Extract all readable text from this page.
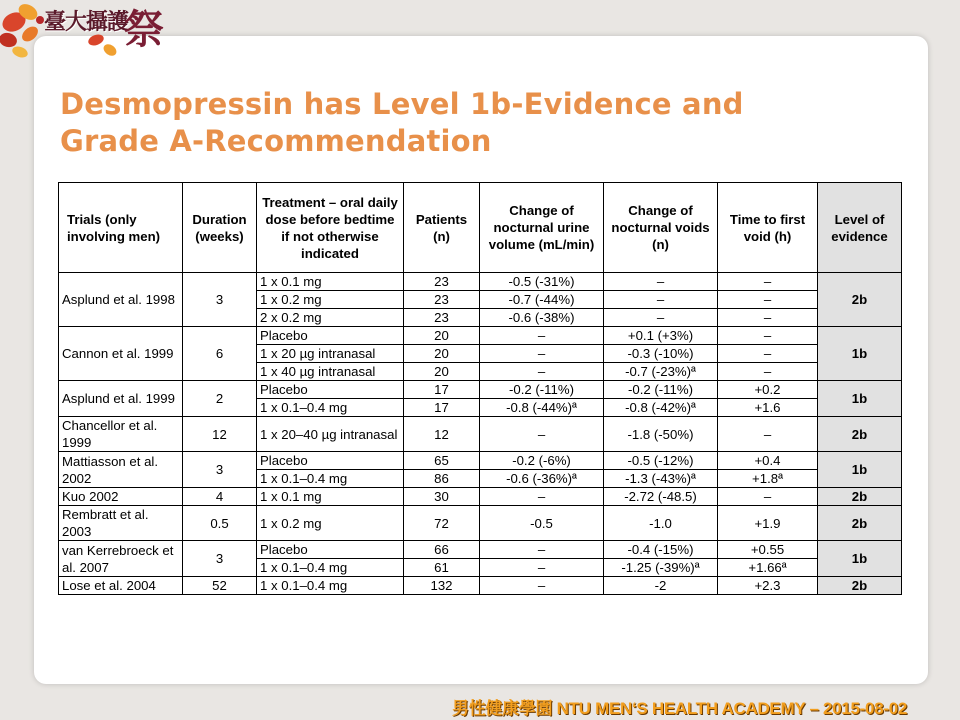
臺大攝護
祭
Desmopressin has Level 1b-Evidence and
Grade A-Recommendation
Trials (only involving men)	Duration (weeks)	Treatment – oral daily dose before bedtime if not otherwise indicated	Patients (n)	Change of nocturnal urine volume (mL/min)	Change of nocturnal voids (n)	Time to first void (h)	Level of evidence
Asplund et al. 1998	3	1 x 0.1 mg	23	-0.5 (-31%)	–	–	2b
		1 x 0.2 mg	23	-0.7 (-44%)	–	–	
		2 x 0.2 mg	23	-0.6 (-38%)	–	–	
Cannon et al. 1999	6	Placebo	20	–	+0.1 (+3%)	–	1b
		1 x 20 µg intranasal	20	–	-0.3 (-10%)	–	
		1 x 40 µg intranasal	20	–	-0.7 (-23%)ª	–	
Asplund et al. 1999	2	Placebo	17	-0.2 (-11%)	-0.2 (-11%)	+0.2	1b
		1 x 0.1–0.4 mg	17	-0.8 (-44%)ª	-0.8 (-42%)ª	+1.6	
Chancellor et al. 1999	12	1 x 20–40 µg intranasal	12	–	-1.8 (-50%)	–	2b
Mattiasson et al. 2002	3	Placebo	65	-0.2 (-6%)	-0.5 (-12%)	+0.4	1b
		1 x 0.1–0.4 mg	86	-0.6 (-36%)ª	-1.3 (-43%)ª	+1.8ª	
Kuo 2002	4	1 x 0.1 mg	30	–	-2.72 (-48.5)	–	2b
Rembratt et al. 2003	0.5	1 x 0.2 mg	72	-0.5	-1.0	+1.9	2b
van Kerrebroeck et al. 2007	3	Placebo	66	–	-0.4 (-15%)	+0.55	1b
		1 x 0.1–0.4 mg	61	–	-1.25 (-39%)ª	+1.66ª	
Lose et al. 2004	52	1 x 0.1–0.4 mg	132	–	-2	+2.3	2b
男性健康學園 NTU MEN‘S HEALTH ACADEMY – 2015-08-02
